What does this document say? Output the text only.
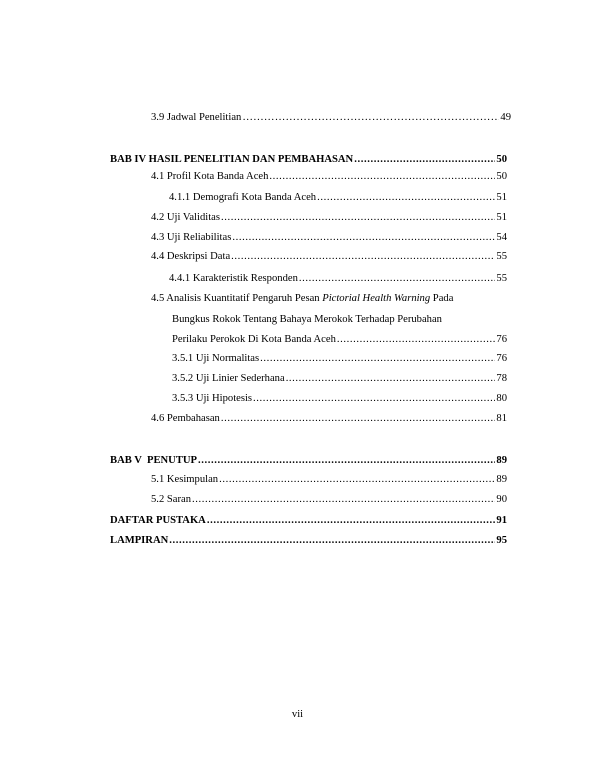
3.9 Jadwal Penelitian ………………………………………………………………………………………………………………………………………………………………	49
BAB IV HASIL PENELITIAN DAN PEMBAHASAN .....	50
4.1 Profil Kota Banda Aceh .....	50
4.1.1 Demografi Kota Banda Aceh .....	51
4.2 Uji Validitas .....	51
4.3 Uji Reliabilitas .....	54
4.4 Deskripsi Data .....	55
4.4.1 Karakteristik Responden .....	55
4.5 Analisis Kuantitatif Pengaruh Pesan Pictorial Health Warning Pada
Bungkus Rokok Tentang Bahaya Merokok Terhadap Perubahan
Perilaku Perokok Di Kota Banda Aceh .....	76
3.5.1 Uji Normalitas .....	76
3.5.2 Uji Linier Sederhana .....	78
3.5.3 Uji Hipotesis .....	80
4.6 Pembahasan .....	81
BAB V  PENUTUP .....	89
5.1 Kesimpulan .....	89
5.2 Saran .....	90
DAFTAR PUSTAKA .....	91
LAMPIRAN .....	95
vii
